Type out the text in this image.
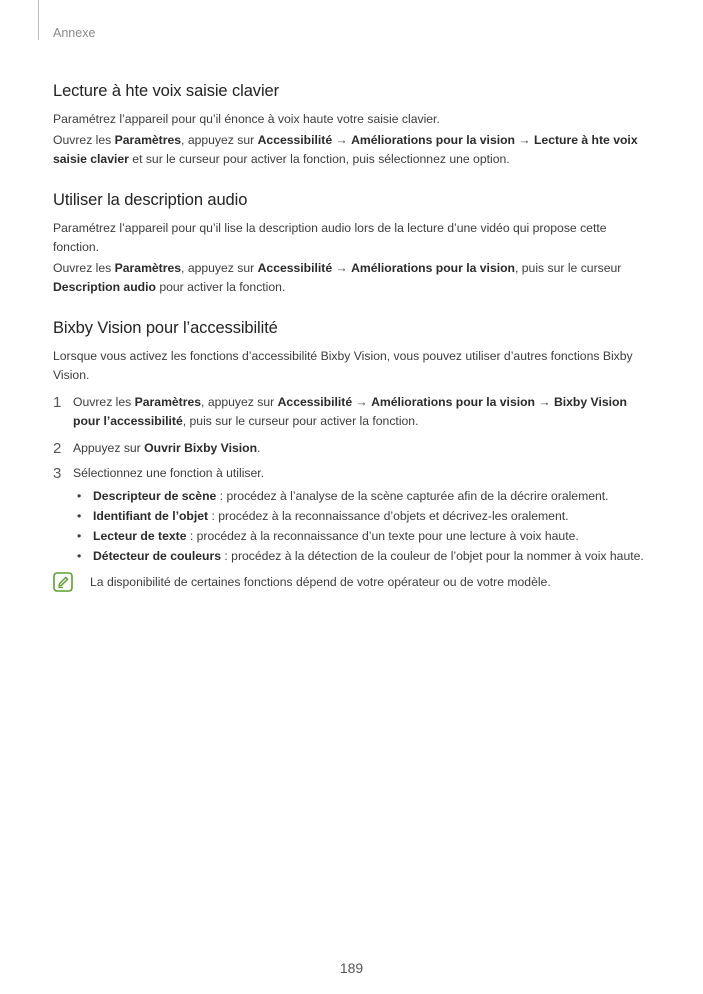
Annexe
Lecture à hte voix saisie clavier

Paramétrez l’appareil pour qu’il énonce à voix haute votre saisie clavier.

Ouvrez les Paramètres, appuyez sur Accessibilité → Améliorations pour la vision → Lecture à hte voix saisie clavier et sur le curseur pour activer la fonction, puis sélectionnez une option.

Utiliser la description audio

Paramétrez l’appareil pour qu’il lise la description audio lors de la lecture d’une vidéo qui propose cette fonction.

Ouvrez les Paramètres, appuyez sur Accessibilité → Améliorations pour la vision, puis sur le curseur Description audio pour activer la fonction.

Bixby Vision pour l’accessibilité

Lorsque vous activez les fonctions d’accessibilité Bixby Vision, vous pouvez utiliser d’autres fonctions Bixby Vision.

1 Ouvrez les Paramètres, appuyez sur Accessibilité → Améliorations pour la vision → Bixby Vision pour l’accessibilité, puis sur le curseur pour activer la fonction.
2 Appuyez sur Ouvrir Bixby Vision.
3 Sélectionnez une fonction à utiliser.
• Descripteur de scène : procédez à l’analyse de la scène capturée afin de la décrire oralement.
• Identifiant de l’objet : procédez à la reconnaissance d’objets et décrivez-les oralement.
• Lecteur de texte : procédez à la reconnaissance d’un texte pour une lecture à voix haute.
• Détecteur de couleurs : procédez à la détection de la couleur de l’objet pour la nommer à voix haute.
La disponibilité de certaines fonctions dépend de votre opérateur ou de votre modèle.
189
